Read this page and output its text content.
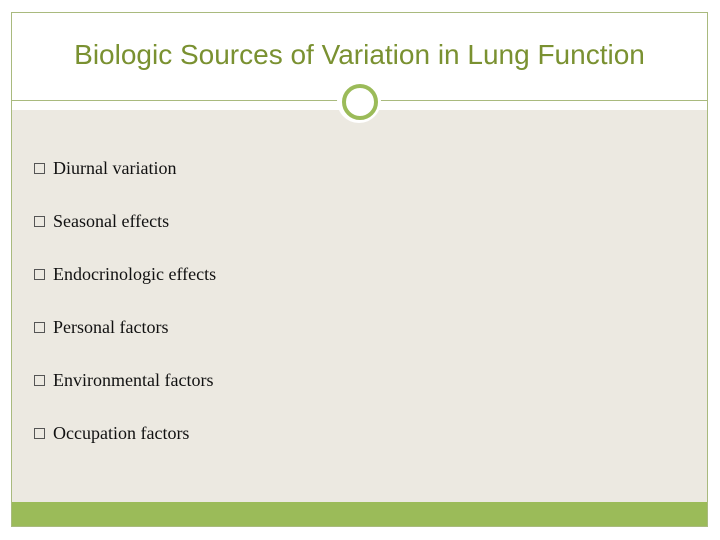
Biologic Sources of Variation in Lung Function
Diurnal variation
Seasonal effects
Endocrinologic effects
Personal factors
Environmental factors
Occupation factors
